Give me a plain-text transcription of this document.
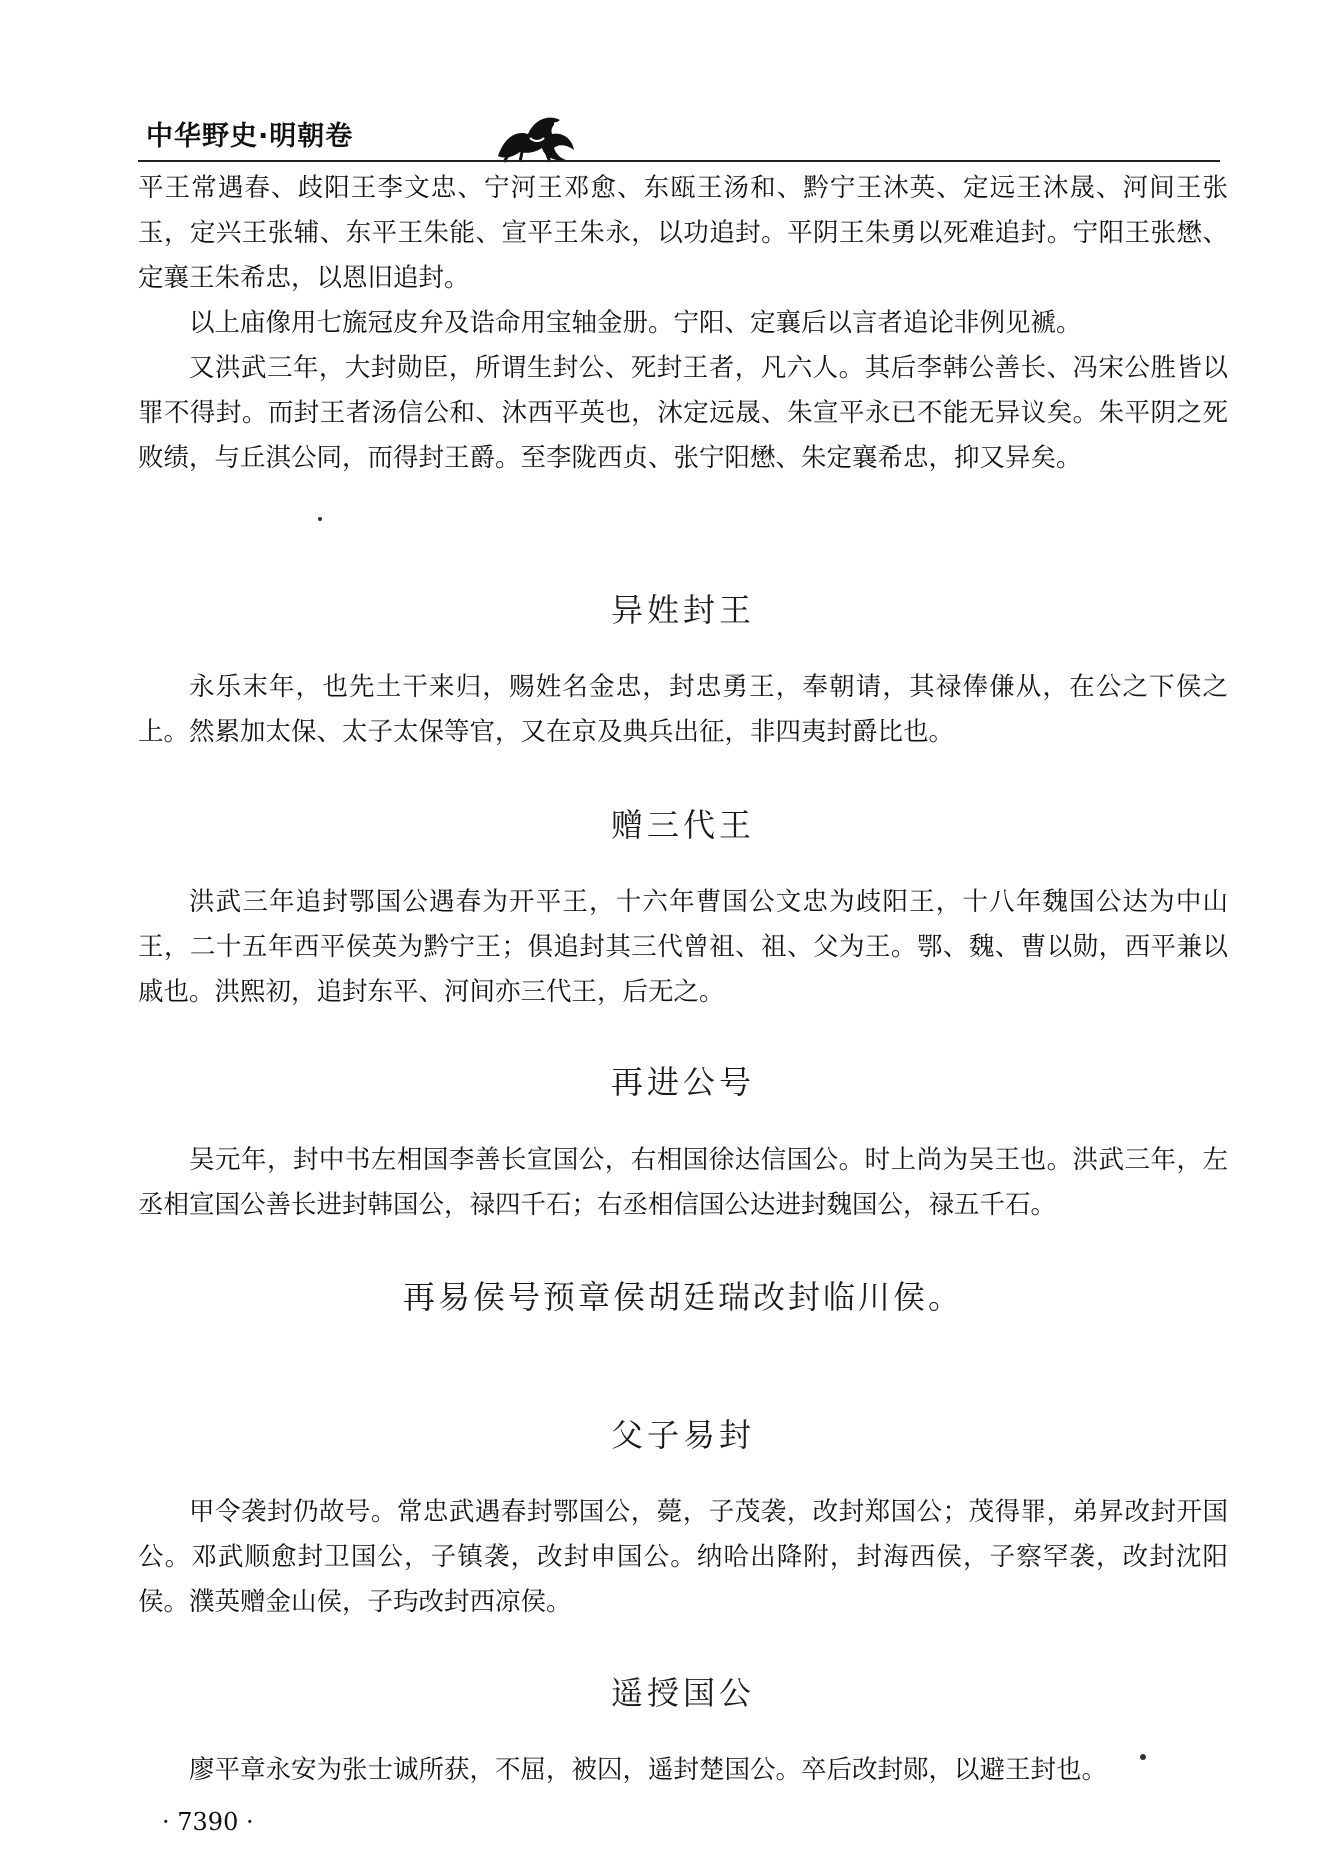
中华野史·明朝卷

平王常遇春、歧阳王李文忠、宁河王邓愈、东瓯王汤和、黔宁王沐英、定远王沐晟、河间王张玉，定兴王张辅、东平王朱能、宣平王朱永，以功追封。平阴王朱勇以死难追封。宁阳王张懋、定襄王朱希忠，以恩旧追封。

以上庙像用七旒冠皮弁及诰命用宝轴金册。宁阳、定襄后以言者追论非例见褫。

又洪武三年，大封勋臣，所谓生封公、死封王者，凡六人。其后李韩公善长、冯宋公胜皆以罪不得封。而封王者汤信公和、沐西平英也，沐定远晟、朱宣平永已不能无异议矣。朱平阴之死败绩，与丘淇公同，而得封王爵。至李陇西贞、张宁阳懋、朱定襄希忠，抑又异矣。

异姓封王

永乐末年，也先土干来归，赐姓名金忠，封忠勇王，奉朝请，其禄俸傔从，在公之下侯之上。然累加太保、太子太保等官，又在京及典兵出征，非四夷封爵比也。

赠三代王

洪武三年追封鄂国公遇春为开平王，十六年曹国公文忠为歧阳王，十八年魏国公达为中山王，二十五年西平侯英为黔宁王；俱追封其三代曾祖、祖、父为王。鄂、魏、曹以勋，西平兼以戚也。洪熙初，追封东平、河间亦三代王，后无之。

再进公号

吴元年，封中书左相国李善长宣国公，右相国徐达信国公。时上尚为吴王也。洪武三年，左丞相宣国公善长进封韩国公，禄四千石；右丞相信国公达进封魏国公，禄五千石。

再易侯号预章侯胡廷瑞改封临川侯。
父子易封

甲令袭封仍故号。常忠武遇春封鄂国公，薨，子茂袭，改封郑国公；茂得罪，弟昇改封开国公。邓武顺愈封卫国公，子镇袭，改封申国公。纳哈出降附，封海西侯，子察罕袭，改封沈阳侯。濮英赠金山侯，子玙改封西凉侯。

遥授国公

廖平章永安为张士诚所获，不屈，被囚，遥封楚国公。卒后改封郧，以避王封也。

· 7390 ·
